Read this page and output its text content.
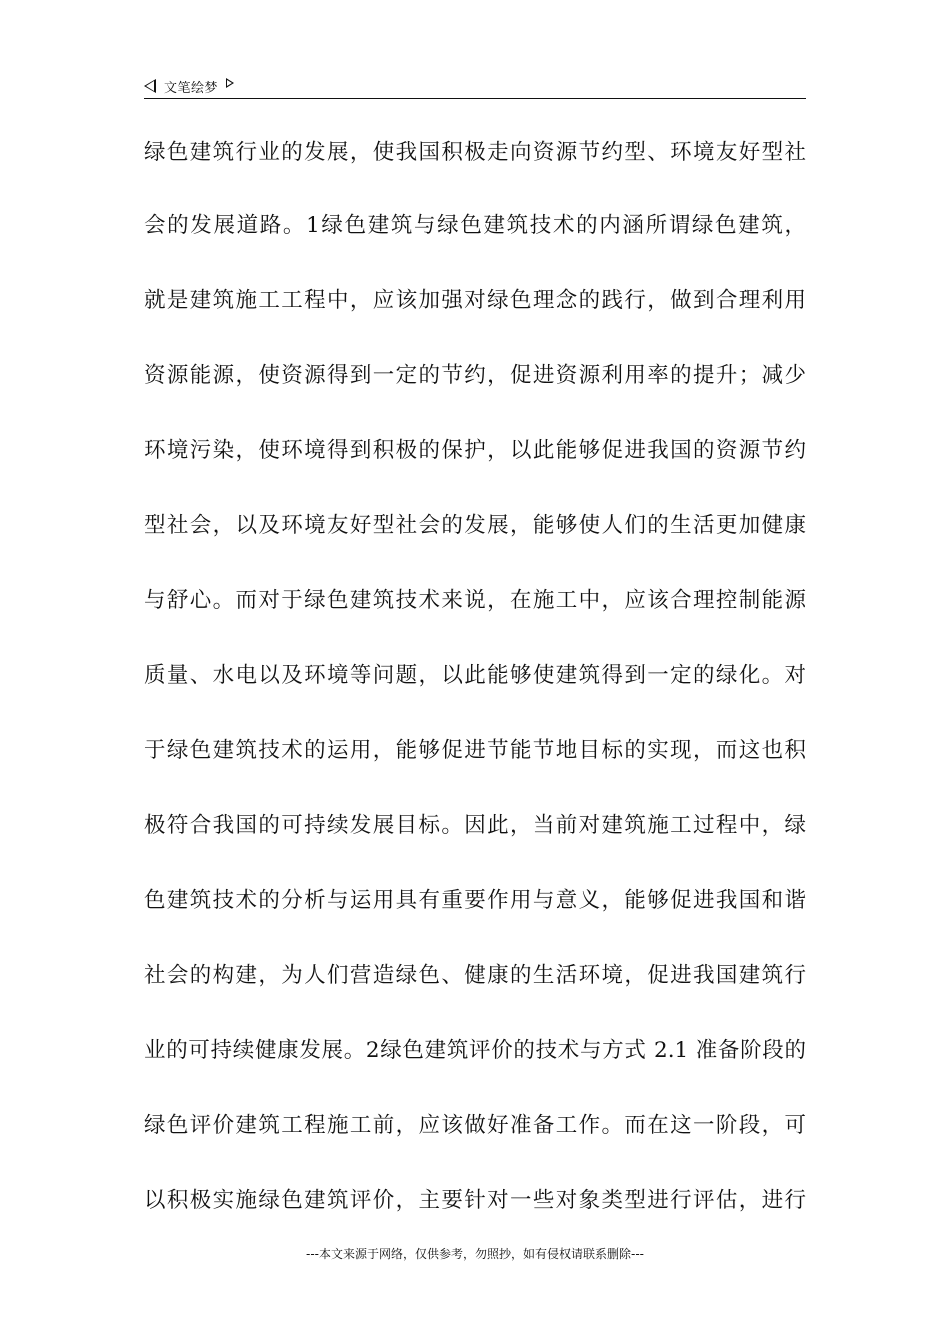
文笔绘梦
绿色建筑行业的发展，使我国积极走向资源节约型、环境友好型社
会的发展道路。1绿色建筑与绿色建筑技术的内涵所谓绿色建筑，
就是建筑施工工程中，应该加强对绿色理念的践行，做到合理利用
资源能源，使资源得到一定的节约，促进资源利用率的提升；减少
环境污染，使环境得到积极的保护，以此能够促进我国的资源节约
型社会，以及环境友好型社会的发展，能够使人们的生活更加健康
与舒心。而对于绿色建筑技术来说，在施工中，应该合理控制能源
质量、水电以及环境等问题，以此能够使建筑得到一定的绿化。对
于绿色建筑技术的运用，能够促进节能节地目标的实现，而这也积
极符合我国的可持续发展目标。因此，当前对建筑施工过程中，绿
色建筑技术的分析与运用具有重要作用与意义，能够促进我国和谐
社会的构建，为人们营造绿色、健康的生活环境，促进我国建筑行
业的可持续健康发展。2绿色建筑评价的技术与方式 2.1 准备阶段的
绿色评价建筑工程施工前，应该做好准备工作。而在这一阶段，可
以积极实施绿色建筑评价，主要针对一些对象类型进行评估，进行
---本文来源于网络，仅供参考，勿照抄，如有侵权请联系删除---
